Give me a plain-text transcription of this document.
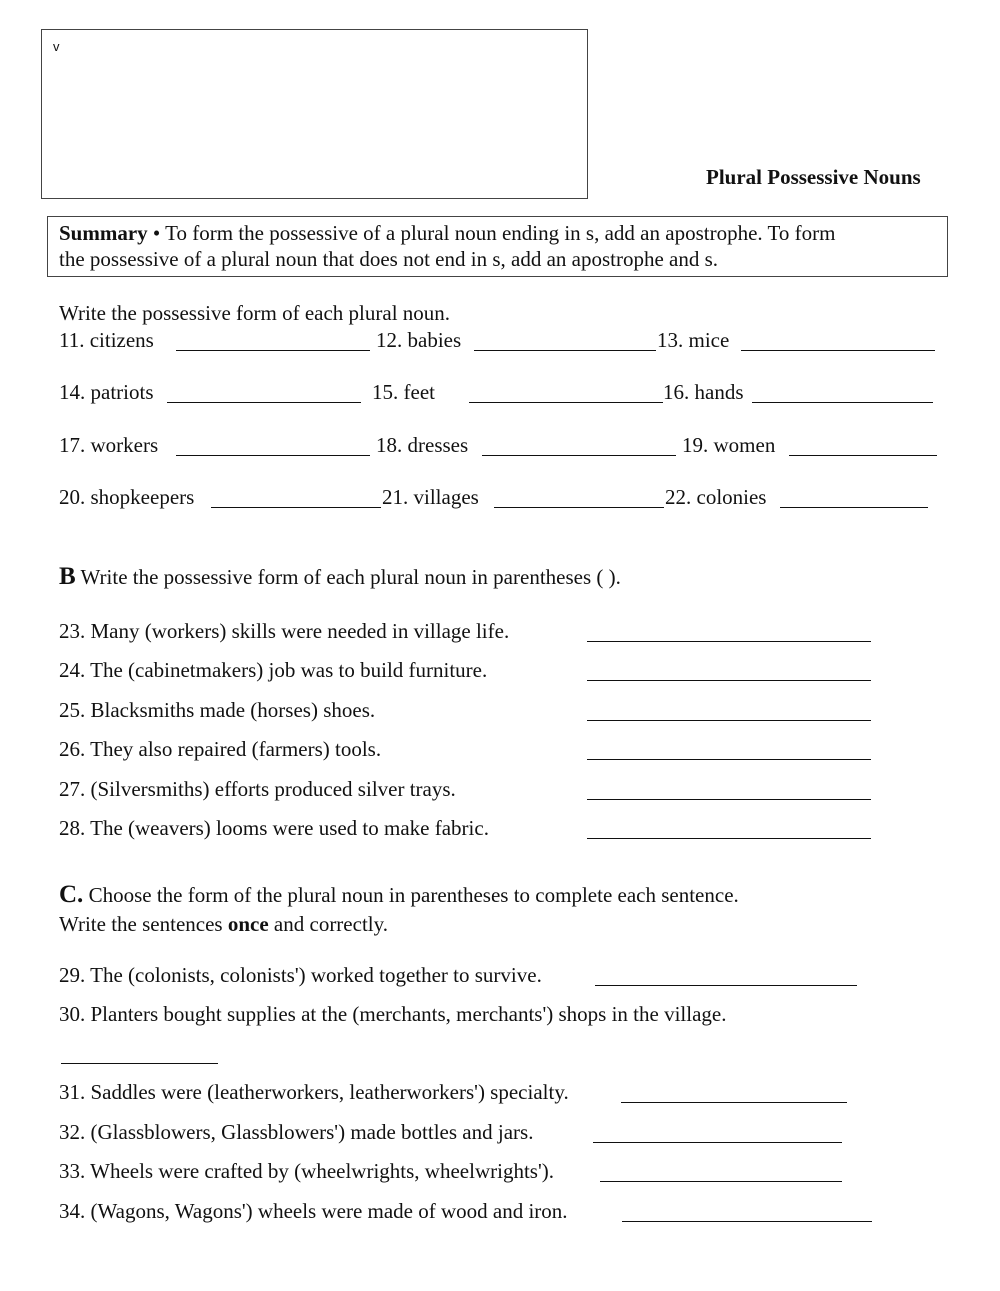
v
Plural Possessive Nouns
Summary • To form the possessive of a plural noun ending in s, add an apostrophe. To form
the possessive of a plural noun that does not end in s, add an apostrophe and s.
Write the possessive form of each plural noun.
11. citizens	12. babies	13. mice
14. patriots	15. feet	16. hands
17. workers	18. dresses	19. women
20. shopkeepers	21. villages	22. colonies
B Write the possessive form of each plural noun in parentheses ( ).
23. Many (workers) skills were needed in village life.
24. The (cabinetmakers) job was to build furniture.
25. Blacksmiths made (horses) shoes.
26. They also repaired (farmers) tools.
27. (Silversmiths) efforts produced silver trays.
28. The (weavers) looms were used to make fabric.
C. Choose the form of the plural noun in parentheses to complete each sentence.
Write the sentences once and correctly.
29. The (colonists, colonists') worked together to survive.
30. Planters bought supplies at the (merchants, merchants') shops in the village.
31. Saddles were (leatherworkers, leatherworkers') specialty.
32. (Glassblowers, Glassblowers') made bottles and jars.
33. Wheels were crafted by (wheelwrights, wheelwrights').
34. (Wagons, Wagons') wheels were made of wood and iron.
